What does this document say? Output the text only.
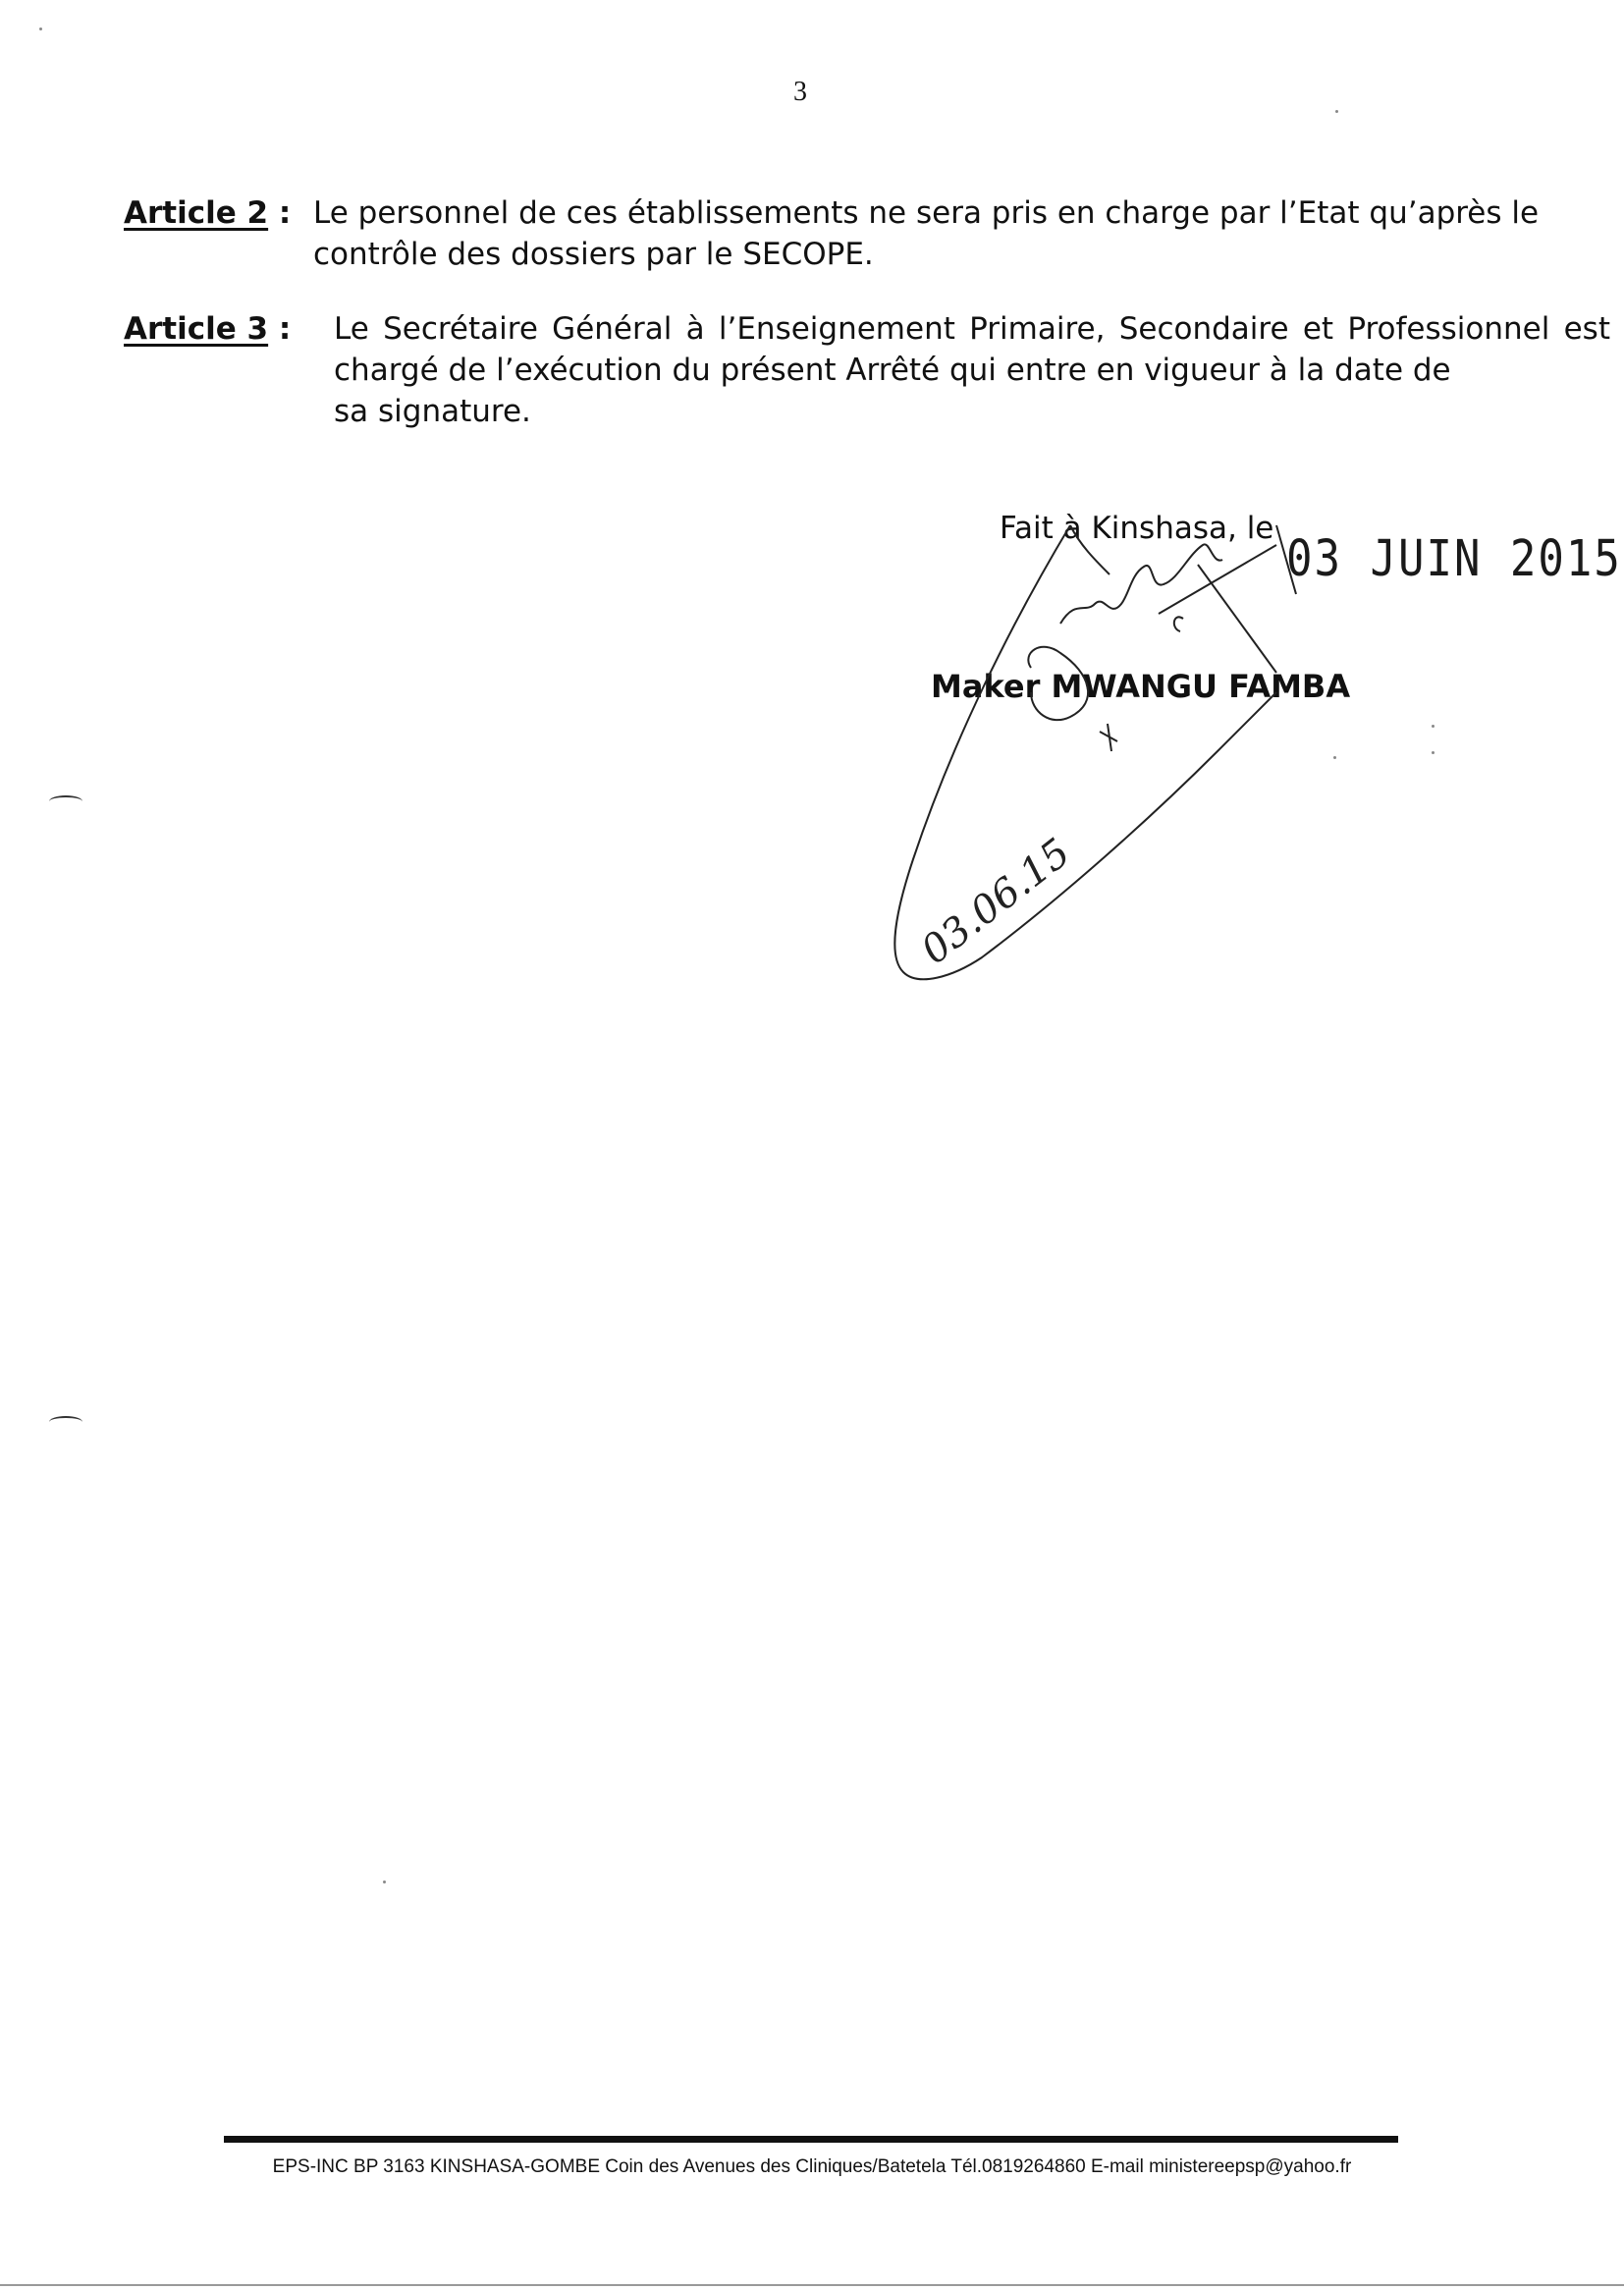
3
Article 2 : Le personnel de ces établissements ne sera pris en charge par l’Etat qu’après le contrôle des dossiers par le SECOPE.
Article 3 : Le Secrétaire Général à l’Enseignement Primaire, Secondaire et Professionnel est chargé de l’exécution du présent Arrêté qui entre en vigueur à la date de
sa signature.
Fait à Kinshasa, le
03 JUIN 2015
Maker MWANGU FAMBA
03.06.15
EPS-INC BP 3163 KINSHASA-GOMBE Coin des Avenues des Cliniques/Batetela Tél.0819264860 E-mail ministereepsp@yahoo.fr
